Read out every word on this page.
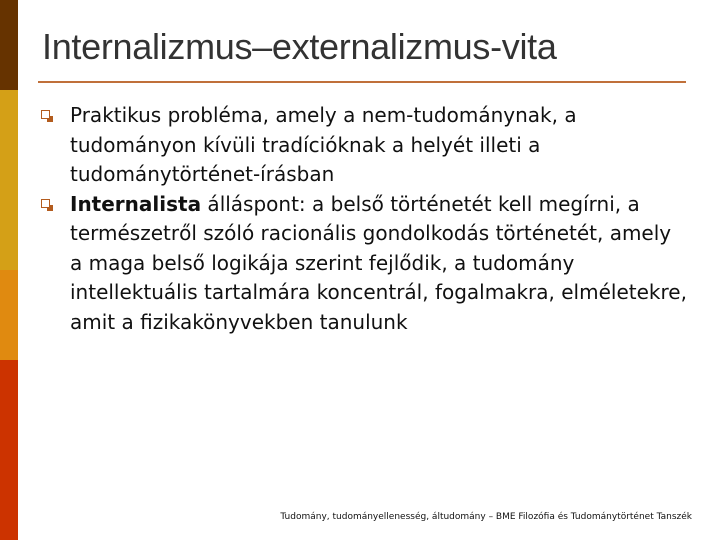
Internalizmus–externalizmus-vita
Praktikus probléma, amely a nem-tudománynak, a tudományon kívüli tradícióknak a helyét illeti a tudománytörténet-írásban
Internalista álláspont: a belső történetét kell megírni, a természetről szóló racionális gondolkodás történetét, amely a maga belső logikája szerint fejlődik, a tudomány intellektuális tartalmára koncentrál, fogalmakra, elméletekre, amit a fizikakönyvekben tanulunk
Tudomány, tudományellenesség, áltudomány – BME Filozófia és Tudománytörténet Tanszék
